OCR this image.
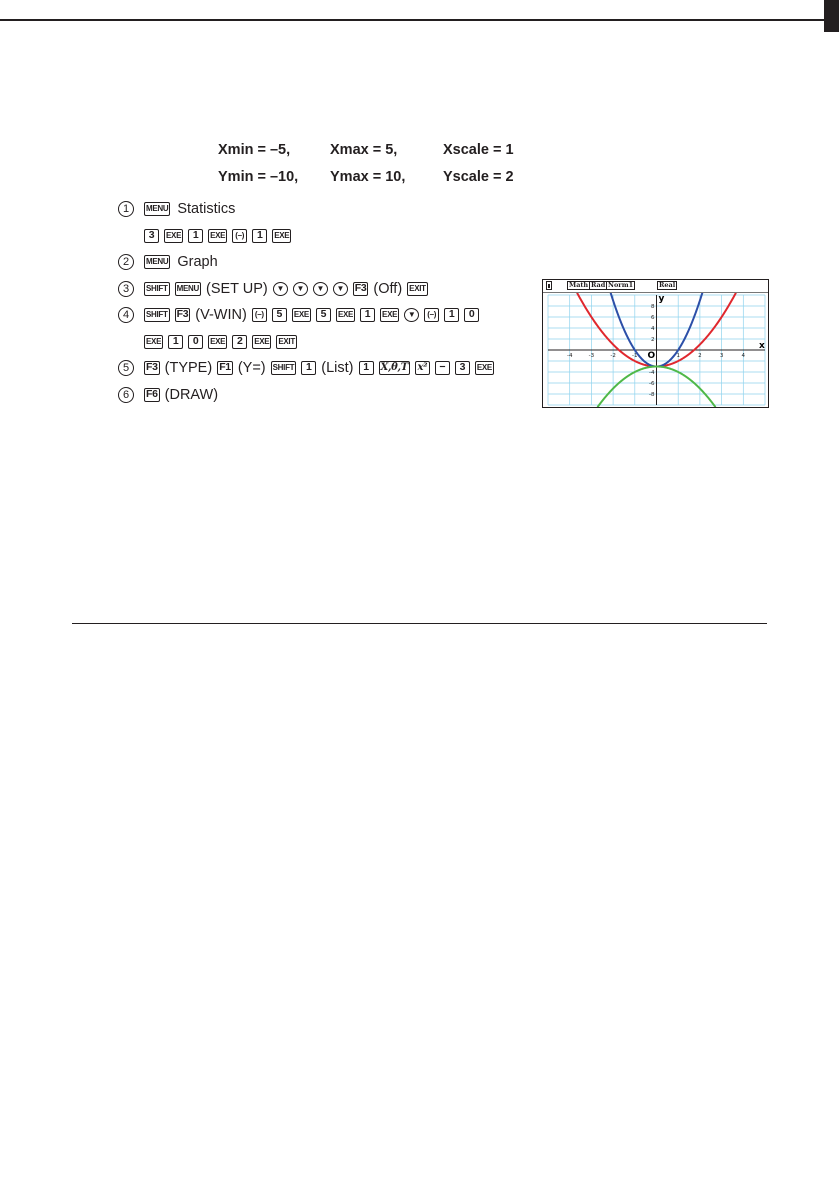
Xmin = –5,	Xmax = 5,	Xscale = 1
Ymin = –10, Ymax = 10,	Yscale = 2
1	MENU Statistics
3	EXE	1	EXE	(–)	1	EXE
2	MENU Graph
3	SHIFT MENU (SET UP)	▼	▼	▼	▼	F3 (Off) EXIT
4	SHIFT F3 (V-WIN)	(–)	5	EXE	5	EXE	1	EXE	▼	(–)	1	0
EXE	1	0	EXE	2	EXE EXIT
5	F3 (TYPE) F1 (Y=) SHIFT	1 (List) 1	X,θ,T x²	−	3	EXE
6	F6 (DRAW)
Math Rad Norm1	Real
-4	-3	-2	-1	1	2	3	4
8
6
4
2
-4
-6
-8
x
y
O
